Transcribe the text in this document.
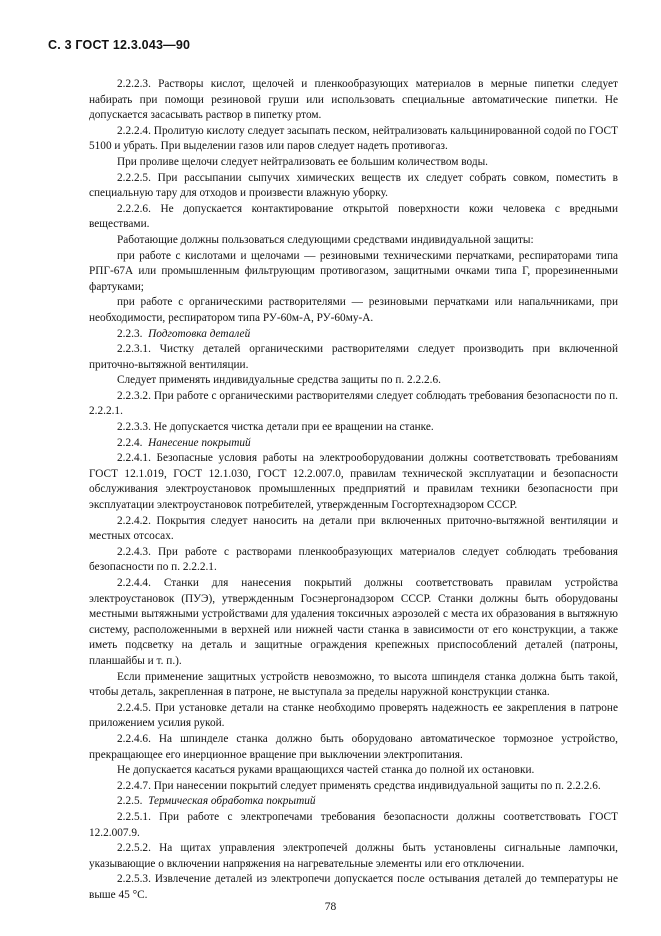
С. 3 ГОСТ 12.3.043—90

2.2.2.3. Растворы кислот, щелочей и пленкообразующих материалов в мерные пипетки следует набирать при помощи резиновой груши или использовать специальные автоматические пипетки. Не допускается засасывать раствор в пипетку ртом.

2.2.2.4. Пролитую кислоту следует засыпать песком, нейтрализовать кальцинированной содой по ГОСТ 5100 и убрать. При выделении газов или паров следует надеть противогаз.

При проливе щелочи следует нейтрализовать ее большим количеством воды.

2.2.2.5. При рассыпании сыпучих химических веществ их следует собрать совком, поместить в специальную тару для отходов и произвести влажную уборку.

2.2.2.6. Не допускается контактирование открытой поверхности кожи человека с вредными веществами.

Работающие должны пользоваться следующими средствами индивидуальной защиты:

при работе с кислотами и щелочами — резиновыми техническими перчатками, респираторами типа РПГ-67А или промышленным фильтрующим противогазом, защитными очками типа Г, прорезиненными фартуками;

при работе с органическими растворителями — резиновыми перчатками или напальчниками, при необходимости, респиратором типа РУ-60м-А, РУ-60му-А.

2.2.3. Подготовка деталей

2.2.3.1. Чистку деталей органическими растворителями следует производить при включенной приточно-вытяжной вентиляции.

Следует применять индивидуальные средства защиты по п. 2.2.2.6.

2.2.3.2. При работе с органическими растворителями следует соблюдать требования безопасности по п. 2.2.2.1.

2.2.3.3. Не допускается чистка детали при ее вращении на станке.

2.2.4. Нанесение покрытий

2.2.4.1. Безопасные условия работы на электрооборудовании должны соответствовать требованиям ГОСТ 12.1.019, ГОСТ 12.1.030, ГОСТ 12.2.007.0, правилам технической эксплуатации и безопасности обслуживания электроустановок промышленных предприятий и правилам техники безопасности при эксплуатации электроустановок потребителей, утвержденным Госгортехнадзором СССР.

2.2.4.2. Покрытия следует наносить на детали при включенных приточно-вытяжной вентиляции и местных отсосах.

2.2.4.3. При работе с растворами пленкообразующих материалов следует соблюдать требования безопасности по п. 2.2.2.1.

2.2.4.4. Станки для нанесения покрытий должны соответствовать правилам устройства электроустановок (ПУЭ), утвержденным Госэнергонадзором СССР. Станки должны быть оборудованы местными вытяжными устройствами для удаления токсичных аэрозолей с места их образования в вытяжную систему, расположенными в верхней или нижней части станка в зависимости от его конструкции, а также иметь подсветку на деталь и защитные ограждения крепежных приспособлений деталей (патроны, планшайбы и т. п.).

Если применение защитных устройств невозможно, то высота шпинделя станка должна быть такой, чтобы деталь, закрепленная в патроне, не выступала за пределы наружной конструкции станка.

2.2.4.5. При установке детали на станке необходимо проверять надежность ее закрепления в патроне приложением усилия рукой.

2.2.4.6. На шпинделе станка должно быть оборудовано автоматическое тормозное устройство, прекращающее его инерционное вращение при выключении электропитания.

Не допускается касаться руками вращающихся частей станка до полной их остановки.

2.2.4.7. При нанесении покрытий следует применять средства индивидуальной защиты по п. 2.2.2.6.

2.2.5. Термическая обработка покрытий

2.2.5.1. При работе с электропечами требования безопасности должны соответствовать ГОСТ 12.2.007.9.

2.2.5.2. На щитах управления электропечей должны быть установлены сигнальные лампочки, указывающие о включении напряжения на нагревательные элементы или его отключении.

2.2.5.3. Извлечение деталей из электропечи допускается после остывания деталей до температуры не выше 45 °С.

78
